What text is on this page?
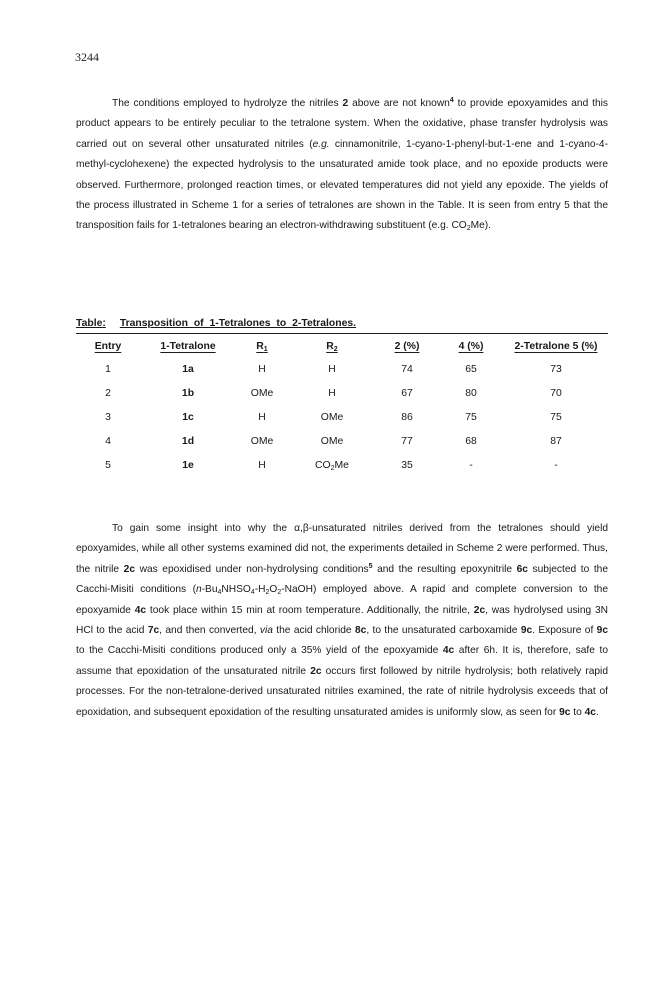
3244

The conditions employed to hydrolyze the nitriles 2 above are not known$^4$ to provide epoxyamides and this product appears to be entirely peculiar to the tetralone system. When the oxidative, phase transfer hydrolysis was carried out on several other unsaturated nitriles (e.g. cinnamonitrile, 1-cyano-1-phenyl-but-1-ene and 1-cyano-4-methyl-cyclohexene) the expected hydrolysis to the unsaturated amide took place, and no epoxide products were observed. Furthermore, prolonged reaction times, or elevated temperatures did not yield any epoxide. The yields of the process illustrated in Scheme 1 for a series of tetralones are shown in the Table. It is seen from entry 5 that the transposition fails for 1-tetralones bearing an electron-withdrawing substituent (e.g. $CO_2Me$).

Table: Transposition of 1-Tetralones to 2-Tetralones.
Entry	1-Tetralone	$R_1$	$R_2$	2 (%)	4 (%)	2-Tetralone 5 (%)
1	1a	H	H	74	65	73
2	1b	OMe	H	67	80	70
3	1c	H	OMe	86	75	75
4	1d	OMe	OMe	77	68	87
5	1e	H	$CO_2Me$	35	-	-

To gain some insight into why the α,β-unsaturated nitriles derived from the tetralones should yield epoxyamides, while all other systems examined did not, the experiments detailed in Scheme 2 were performed. Thus, the nitrile 2c was epoxidised under non-hydrolysing conditions$^5$ and the resulting epoxynitrile 6c subjected to the Cacchi-Misiti conditions $(n-Bu_4NHSO_4-H_2O_2-NaOH)$ employed above. A rapid and complete conversion to the epoxyamide 4c took place within 15 min at room temperature. Additionally, the nitrile, 2c, was hydrolysed using 3N HCl to the acid 7c, and then converted, via the acid chloride 8c, to the unsaturated carboxamide 9c. Exposure of 9c to the Cacchi-Misiti conditions produced only a 35% yield of the epoxyamide 4c after 6h. It is, therefore, safe to assume that epoxidation of the unsaturated nitrile 2c occurs first followed by nitrile hydrolysis; both relatively rapid processes. For the non-tetralone-derived unsaturated nitriles examined, the rate of nitrile hydrolysis exceeds that of epoxidation, and subsequent epoxidation of the resulting unsaturated amides is uniformly slow, as seen for 9c to 4c.
